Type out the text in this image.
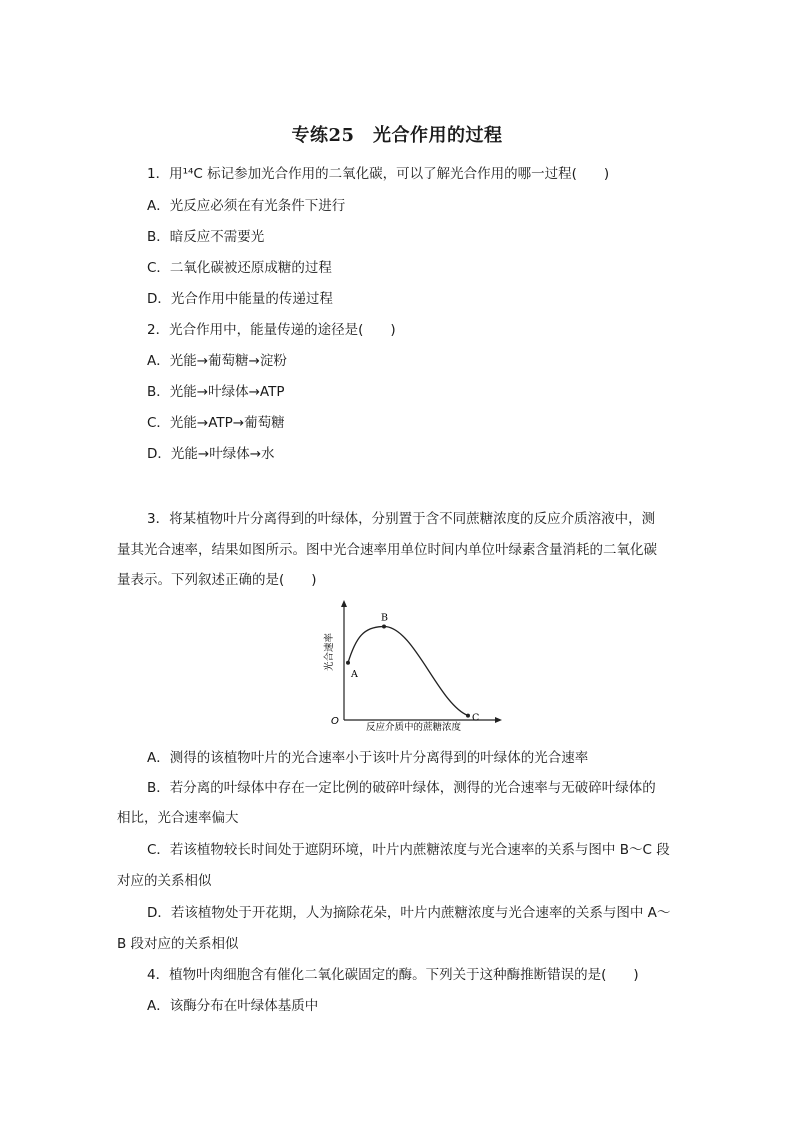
专练25　光合作用的过程
1．用¹⁴C 标记参加光合作用的二氧化碳，可以了解光合作用的哪一过程(　　)
A．光反应必须在有光条件下进行
B．暗反应不需要光
C．二氧化碳被还原成糖的过程
D．光合作用中能量的传递过程
2．光合作用中，能量传递的途径是(　　)
A．光能→葡萄糖→淀粉
B．光能→叶绿体→ATP
C．光能→ATP→葡萄糖
D．光能→叶绿体→水
3．将某植物叶片分离得到的叶绿体，分别置于含不同蔗糖浓度的反应介质溶液中，测
量其光合速率，结果如图所示。图中光合速率用单位时间内单位叶绿素含量消耗的二氧化碳
量表示。下列叙述正确的是(　　)
O
反应介质中的蔗糖浓度
光合速率
A
B
C
A．测得的该植物叶片的光合速率小于该叶片分离得到的叶绿体的光合速率
B．若分离的叶绿体中存在一定比例的破碎叶绿体，测得的光合速率与无破碎叶绿体的
相比，光合速率偏大
C．若该植物较长时间处于遮阴环境，叶片内蔗糖浓度与光合速率的关系与图中 B～C 段
对应的关系相似
D．若该植物处于开花期，人为摘除花朵，叶片内蔗糖浓度与光合速率的关系与图中 A～
B 段对应的关系相似
4．植物叶肉细胞含有催化二氧化碳固定的酶。下列关于这种酶推断错误的是(　　)
A．该酶分布在叶绿体基质中
